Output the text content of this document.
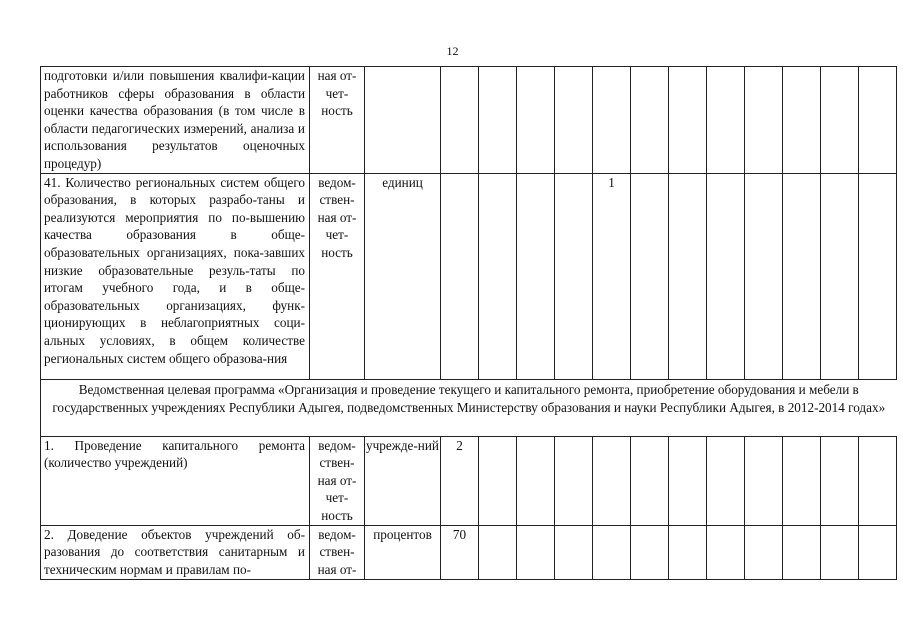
12
подготовки и/или повышения квалифи-кации работников сферы образования в области оценки качества образования (в том числе в области педагогических измерений, анализа и использования результатов оценочных процедур)	ная от-чет-ность														
41. Количество региональных систем общего образования, в которых разрабо-таны и реализуются мероприятия по по-вышению качества образования в обще-образовательных организациях, пока-завших низкие образовательные резуль-таты по итогам учебного года, и в обще-образовательных организациях, функ-ционирующих в неблагоприятных соци-альных условиях, в общем количестве региональных систем общего образова-ния	ведом-ствен-ная от-чет-ность	единиц					1								
Ведомственная целевая программа «Организация и проведение текущего и капитального ремонта, приобретение оборудования и мебели в государственных учреждениях Республики Адыгея, подведомственных Министерству образования и науки Республики Адыгея, в 2012-2014 годах»															
1. Проведение капитального ремонта (количество учреждений)	ведом-ствен-ная от-чет-ность	учрежде-ний	2												
2. Доведение объектов учреждений об-разования до соответствия санитарным и техническим нормам и правилам по-	ведом-ствен-ная от-	процентов	70												
